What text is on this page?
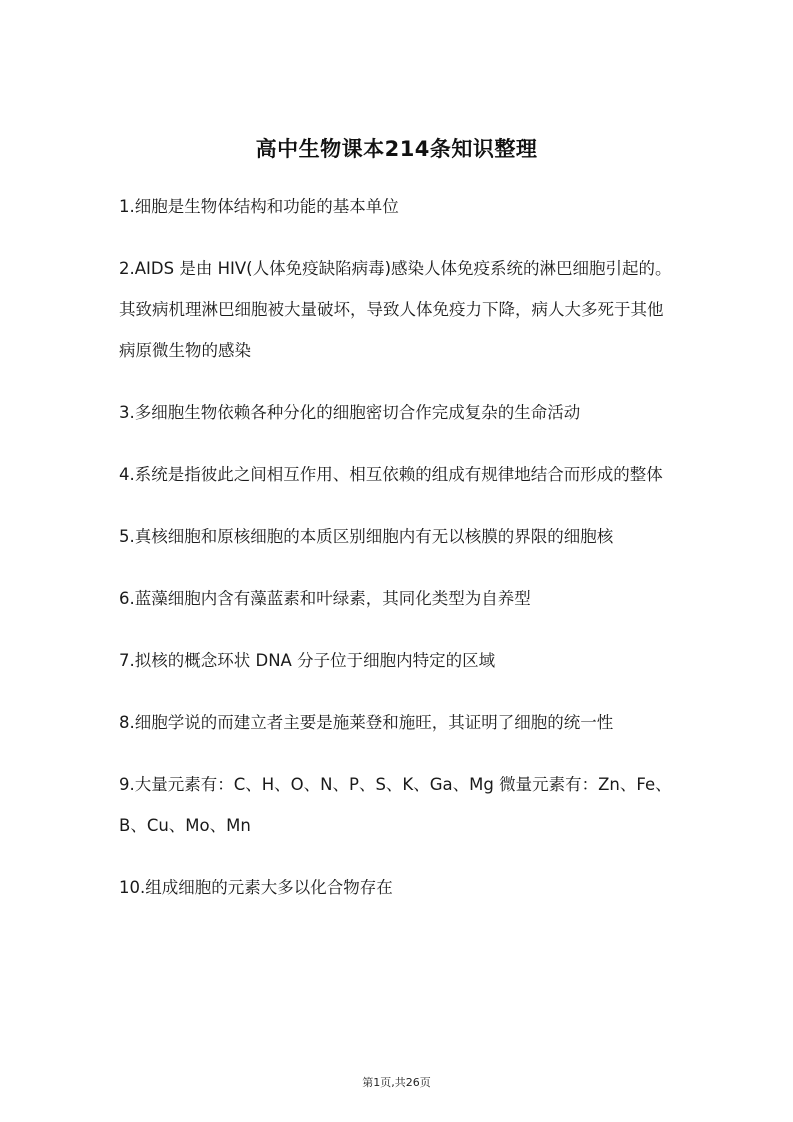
高中生物课本214条知识整理

1.细胞是生物体结构和功能的基本单位

2.AIDS 是由 HIV(人体免疫缺陷病毒)感染人体免疫系统的淋巴细胞引起的。其致病机理淋巴细胞被大量破坏，导致人体免疫力下降，病人大多死于其他病原微生物的感染

3.多细胞生物依赖各种分化的细胞密切合作完成复杂的生命活动

4.系统是指彼此之间相互作用、相互依赖的组成有规律地结合而形成的整体

5.真核细胞和原核细胞的本质区别细胞内有无以核膜的界限的细胞核

6.蓝藻细胞内含有藻蓝素和叶绿素，其同化类型为自养型

7.拟核的概念环状 DNA 分子位于细胞内特定的区域

8.细胞学说的而建立者主要是施莱登和施旺，其证明了细胞的统一性

9.大量元素有：C、H、O、N、P、S、K、Ga、Mg 微量元素有：Zn、Fe、B、Cu、Mo、Mn

10.组成细胞的元素大多以化合物存在

第1页,共26页
